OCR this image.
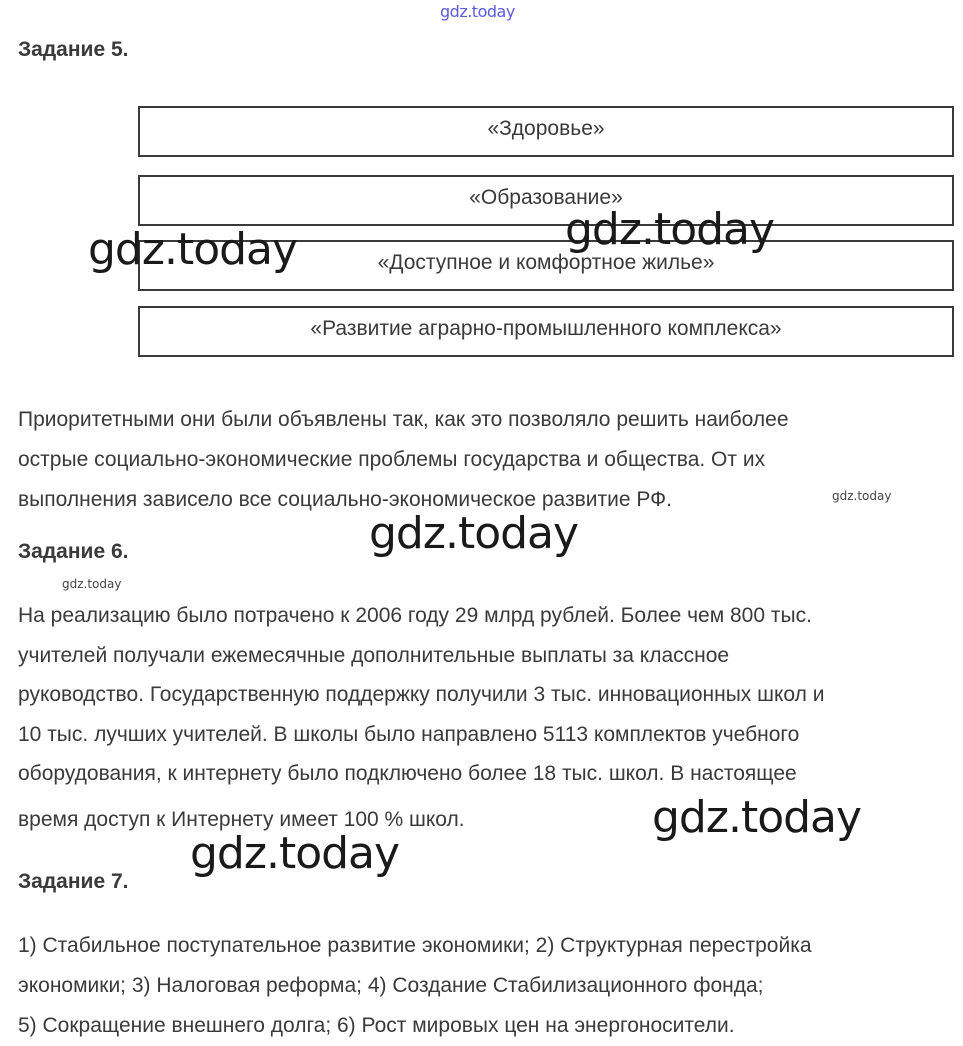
gdz.today
Задание 5.
«Здоровье»
«Образование»
«Доступное и комфортное жилье»
«Развитие аграрно-промышленного комплекса»
Приоритетными они были объявлены так, как это позволяло решить наиболее
острые социально-экономические проблемы государства и общества. От их
выполнения зависело все социально-экономическое развитие РФ.
Задание 6.
На реализацию было потрачено к 2006 году 29 млрд рублей. Более чем 800 тыс.
учителей получали ежемесячные дополнительные выплаты за классное
руководство. Государственную поддержку получили 3 тыс. инновационных школ и
10 тыс. лучших учителей. В школы было направлено 5113 комплектов учебного
оборудования, к интернету было подключено более 18 тыс. школ. В настоящее
время доступ к Интернету имеет 100 % школ.
Задание 7.
1) Стабильное поступательное развитие экономики; 2) Структурная перестройка
экономики; 3) Налоговая реформа; 4) Создание Стабилизационного фонда;
5) Сокращение внешнего долга; 6) Рост мировых цен на энергоносители.
gdz.today	gdz.today
gdz.today
gdz.today
gdz.today
gdz.today
gdz.today
